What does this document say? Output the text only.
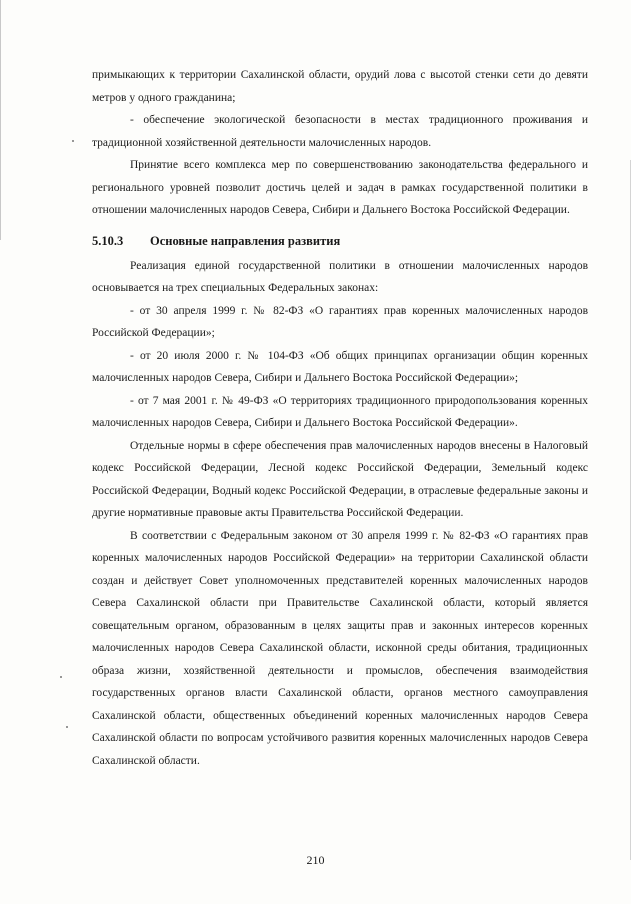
примыкающих к территории Сахалинской области, орудий лова с высотой стенки сети до девяти метров у одного гражданина;

- обеспечение экологической безопасности в местах традиционного проживания и традиционной хозяйственной деятельности малочисленных народов.

Принятие всего комплекса мер по совершенствованию законодательства федерального и регионального уровней позволит достичь целей и задач в рамках государственной политики в отношении малочисленных народов Севера, Сибири и Дальнего Востока Российской Федерации.

5.10.3	Основные направления развития

Реализация единой государственной политики в отношении малочисленных народов основывается на трех специальных Федеральных законах:

- от 30 апреля 1999 г. № 82-ФЗ «О гарантиях прав коренных малочисленных народов Российской Федерации»;

- от 20 июля 2000 г. № 104-ФЗ «Об общих принципах организации общин коренных малочисленных народов Севера, Сибири и Дальнего Востока Российской Федерации»;

- от 7 мая 2001 г. № 49-ФЗ «О территориях традиционного природопользования коренных малочисленных народов Севера, Сибири и Дальнего Востока Российской Федерации».

Отдельные нормы в сфере обеспечения прав малочисленных народов внесены в Налоговый кодекс Российской Федерации, Лесной кодекс Российской Федерации, Земельный кодекс Российской Федерации, Водный кодекс Российской Федерации, в отраслевые федеральные законы и другие нормативные правовые акты Правительства Российской Федерации.

В соответствии с Федеральным законом от 30 апреля 1999 г. № 82-ФЗ «О гарантиях прав коренных малочисленных народов Российской Федерации» на территории Сахалинской области создан и действует Совет уполномоченных представителей коренных малочисленных народов Севера Сахалинской области при Правительстве Сахалинской области, который является совещательным органом, образованным в целях защиты прав и законных интересов коренных малочисленных народов Севера Сахалинской области, исконной среды обитания, традиционных образа жизни, хозяйственной деятельности и промыслов, обеспечения взаимодействия государственных органов власти Сахалинской области, органов местного самоуправления Сахалинской области, общественных объединений коренных малочисленных народов Севера Сахалинской области по вопросам устойчивого развития коренных малочисленных народов Севера Сахалинской области.

210
